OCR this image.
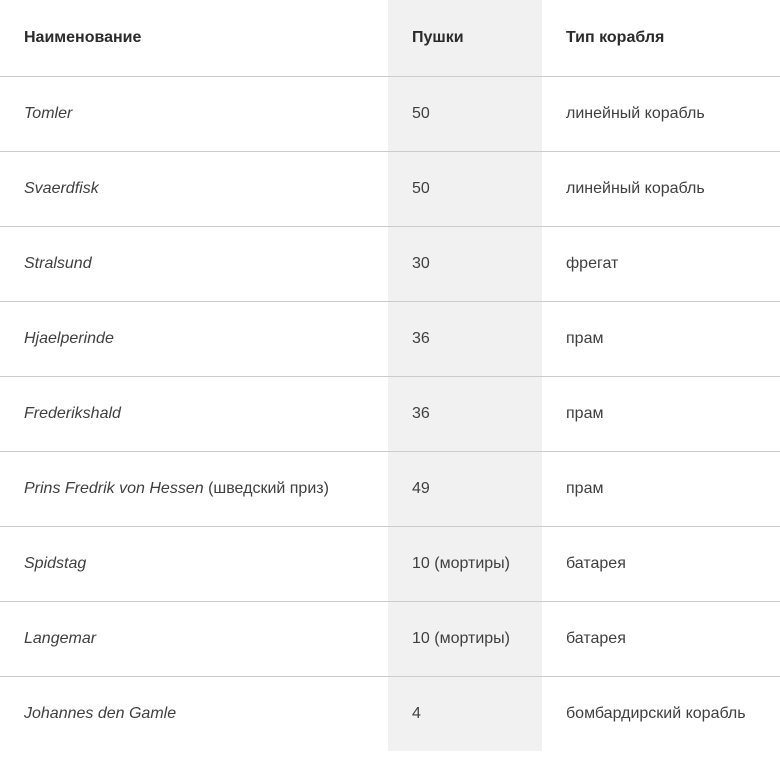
Наименование	Пушки	Тип корабля
Tomler	50	линейный корабль
Svaerdfisk	50	линейный корабль
Stralsund	30	фрегат
Hjaelperinde	36	прам
Frederikshald	36	прам
Prins Fredrik von Hessen (шведский приз)	49	прам
Spidstag	10 (мортиры)	батарея
Langemar	10 (мортиры)	батарея
Johannes den Gamle	4	бомбардирский корабль
